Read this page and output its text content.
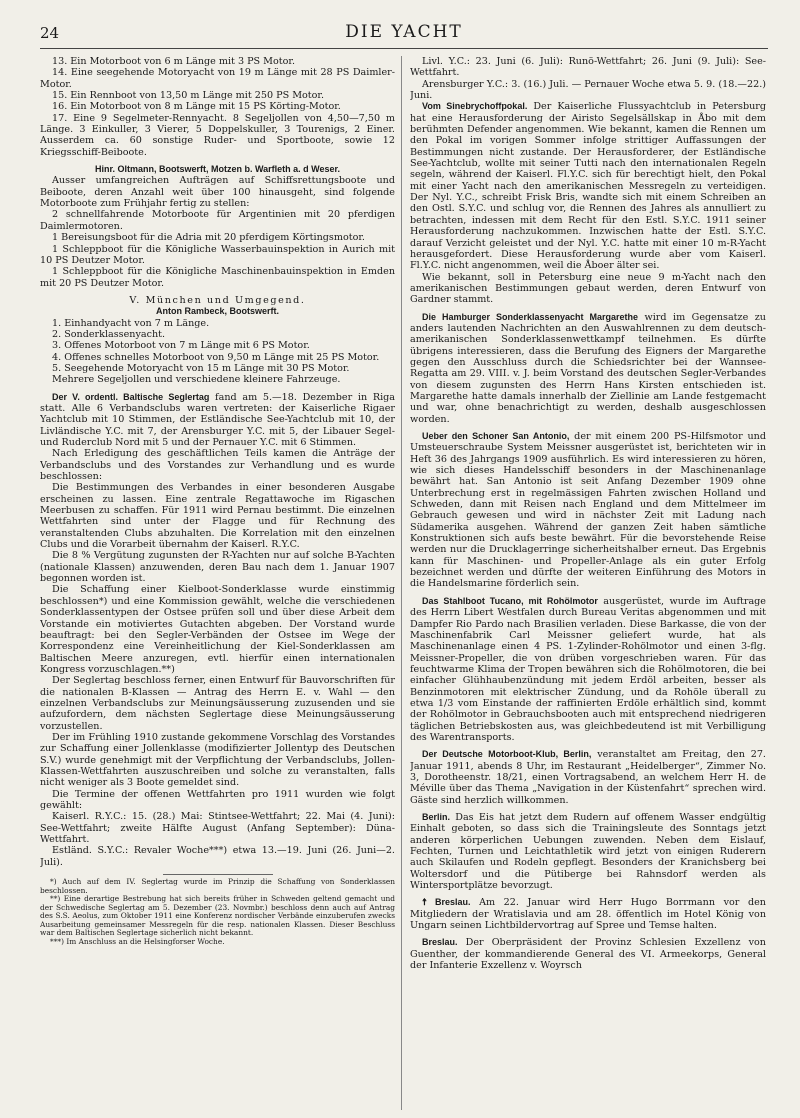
24	DIE YACHT

13. Ein Motorboot von 6 m Länge mit 3 PS Motor.

14. Eine seegehende Motoryacht von 19 m Länge mit 28 PS Daimler-Motor.

15. Ein Rennboot von 13,50 m Länge mit 250 PS Motor.

16. Ein Motorboot von 8 m Länge mit 15 PS Körting-Motor.

17. Eine 9 Segelmeter-Rennyacht. 8 Segeljollen von 4,50—7,50 m Länge. 3 Einkuller, 3 Vierer, 5 Doppelskuller, 3 Tourenigs, 2 Einer. Ausserdem ca. 60 sonstige Ruder- und Sportboote, sowie 12 Kriegsschiff-Beiboote.

Hinr. Oltmann, Bootswerft, Motzen b. Warfleth a. d Weser.

Ausser umfangreichen Aufträgen auf Schiffsrettungsboote und Beiboote, deren Anzahl weit über 100 hinausgeht, sind folgende Motorboote zum Frühjahr fertig zu stellen:

2 schnellfahrende Motorboote für Argentinien mit 20 pferdigen Daimlermotoren.

1 Bereisungsboot für die Adria mit 20 pferdigem Körtingsmotor.

1 Schleppboot für die Königliche Wasserbauinspektion in Aurich mit 10 PS Deutzer Motor.

1 Schleppboot für die Königliche Maschinenbauinspektion in Emden mit 20 PS Deutzer Motor.

V. München und Umgegend.

Anton Rambeck, Bootswerft.

1. Einhandyacht von 7 m Länge.

2. Sonderklassenyacht.

3. Offenes Motorboot von 7 m Länge mit 6 PS Motor.

4. Offenes schnelles Motorboot von 9,50 m Länge mit 25 PS Motor.

5. Seegehende Motoryacht von 15 m Länge mit 30 PS Motor.

Mehrere Segeljollen und verschiedene kleinere Fahrzeuge.

Der V. ordentl. Baltische Seglertag fand am 5.—18. Dezember in Riga statt. Alle 6 Verbandsclubs waren vertreten: der Kaiserliche Rigaer Yachtclub mit 10 Stimmen, der Estländische See-Yachtclub mit 10, der Livländische Y.C. mit 7, der Arensburger Y.C. mit 5, der Libauer Segel- und Ruderclub Nord mit 5 und der Pernauer Y.C. mit 6 Stimmen.

Nach Erledigung des geschäftlichen Teils kamen die Anträge der Verbandsclubs und des Vorstandes zur Verhandlung und es wurde beschlossen:

Die Bestimmungen des Verbandes in einer besonderen Ausgabe erscheinen zu lassen. Eine zentrale Regattawoche im Rigaschen Meerbusen zu schaffen. Für 1911 wird Pernau bestimmt. Die einzelnen Wettfahrten sind unter der Flagge und für Rechnung des veranstaltenden Clubs abzuhalten. Die Korrelation mit den einzelnen Clubs und die Vorarbeit übernahm der Kaiserl. R.Y.C.

Die 8 % Vergütung zugunsten der R-Yachten nur auf solche B-Yachten (nationale Klassen) anzuwenden, deren Bau nach dem 1. Januar 1907 begonnen worden ist.

Die Schaffung einer Kielboot-Sonderklasse wurde einstimmig beschlossen*) und eine Kommission gewählt, welche die verschiedenen Sonderklassentypen der Ostsee prüfen soll und über diese Arbeit dem Vorstande ein motiviertes Gutachten abgeben. Der Vorstand wurde beauftragt: bei den Segler-Verbänden der Ostsee im Wege der Korrespondenz eine Vereinheitlichung der Kiel-Sonderklassen am Baltischen Meere anzuregen, evtl. hierfür einen internationalen Kongress vorzuschlagen.**)

Der Seglertag beschloss ferner, einen Entwurf für Bauvorschriften für die nationalen B-Klassen — Antrag des Herrn E. v. Wahl — den einzelnen Verbandsclubs zur Meinungsäusserung zuzusenden und sie aufzufordern, dem nächsten Seglertage diese Meinungsäusserung vorzustellen.

Der im Frühling 1910 zustande gekommene Vorschlag des Vorstandes zur Schaffung einer Jollenklasse (modifizierter Jollentyp des Deutschen S.V.) wurde genehmigt mit der Verpflichtung der Verbandsclubs, Jollen-Klassen-Wettfahrten auszuschreiben und solche zu veranstalten, falls nicht weniger als 3 Boote gemeldet sind.

Die Termine der offenen Wettfahrten pro 1911 wurden wie folgt gewählt:

Kaiserl. R.Y.C.: 15. (28.) Mai: Stintsee-Wettfahrt; 22. Mai (4. Juni): See-Wettfahrt; zweite Hälfte August (Anfang September): Düna-Wettfahrt.

Estländ. S.Y.C.: Revaler Woche***) etwa 13.—19. Juni (26. Juni—2. Juli).

*) Auch auf dem IV. Seglertag wurde im Prinzip die Schaffung von Sonderklassen beschlossen.

**) Eine derartige Bestrebung hat sich bereits früher in Schweden geltend gemacht und der Schwedische Seglertag am 5. Dezember (23. Novmbr.) beschloss denn auch auf Antrag des S.S. Aeolus, zum Oktober 1911 eine Konferenz nordischer Verbände einzuberufen zwecks Ausarbeitung gemeinsamer Messregeln für die resp. nationalen Klassen. Dieser Beschluss war dem Baltischen Seglertage sicherlich nicht bekannt.

***) Im Anschluss an die Helsingforser Woche.

Livl. Y.C.: 23. Juni (6. Juli): Runö-Wettfahrt; 26. Juni (9. Juli): See-Wettfahrt.

Arensburger Y.C.: 3. (16.) Juli. — Pernauer Woche etwa 5. 9. (18.—22.) Juni.

Vom Sinebrychoffpokal. Der Kaiserliche Flussyachtclub in Petersburg hat eine Herausforderung der Airisto Segelsällskap in Åbo mit dem berühmten Defender angenommen. Wie bekannt, kamen die Rennen um den Pokal im vorigen Sommer infolge strittiger Auffassungen der Bestimmungen nicht zustande. Der Herausforderer, der Estländische See-Yachtclub, wollte mit seiner Tutti nach den internationalen Regeln segeln, während der Kaiserl. Fl.Y.C. sich für berechtigt hielt, den Pokal mit einer Yacht nach den amerikanischen Messregeln zu verteidigen. Der Nyl. Y.C., schreibt Frisk Bris, wandte sich mit einem Schreiben an den Ostl. S.Y.C. und schlug vor, die Rennen des Jahres als annulliert zu betrachten, indessen mit dem Recht für den Estl. S.Y.C. 1911 seiner Herausforderung nachzukommen. Inzwischen hatte der Estl. S.Y.C. darauf Verzicht geleistet und der Nyl. Y.C. hatte mit einer 10 m-R-Yacht herausgefordert. Diese Herausforderung wurde aber vom Kaiserl. Fl.Y.C. nicht angenommen, weil die Åboer älter sei.

Wie bekannt, soll in Petersburg eine neue 9 m-Yacht nach den amerikanischen Bestimmungen gebaut werden, deren Entwurf von Gardner stammt.

Die Hamburger Sonderklassenyacht Margarethe wird im Gegensatze zu anders lautenden Nachrichten an den Auswahlrennen zu dem deutsch-amerikanischen Sonderklassenwettkampf teilnehmen. Es dürfte übrigens interessieren, dass die Berufung des Eigners der Margarethe gegen den Ausschluss durch die Schiedsrichter bei der Wannsee-Regatta am 29. VIII. v. J. beim Vorstand des deutschen Segler-Verbandes von diesem zugunsten des Herrn Hans Kirsten entschieden ist. Margarethe hatte damals innerhalb der Ziellinie am Lande festgemacht und war, ohne benachrichtigt zu werden, deshalb ausgeschlossen worden.

Ueber den Schoner San Antonio, der mit einem 200 PS-Hilfsmotor und Umsteuerschraube System Meissner ausgerüstet ist, berichteten wir in Heft 36 des Jahrgangs 1909 ausführlich. Es wird interessieren zu hören, wie sich dieses Handelsschiff besonders in der Maschinenanlage bewährt hat. San Antonio ist seit Anfang Dezember 1909 ohne Unterbrechung erst in regelmässigen Fahrten zwischen Holland und Schweden, dann mit Reisen nach England und dem Mittelmeer im Gebrauch gewesen und wird in nächster Zeit mit Ladung nach Südamerika ausgehen. Während der ganzen Zeit haben sämtliche Konstruktionen sich aufs beste bewährt. Für die bevorstehende Reise werden nur die Drucklagerringe sicherheitshalber erneut. Das Ergebnis kann für Maschinen- und Propeller-Anlage als ein guter Erfolg bezeichnet werden und dürfte der weiteren Einführung des Motors in die Handelsmarine förderlich sein.

Das Stahlboot Tucano, mit Rohölmotor ausgerüstet, wurde im Auftrage des Herrn Libert Westfalen durch Bureau Veritas abgenommen und mit Dampfer Rio Pardo nach Brasilien verladen. Diese Barkasse, die von der Maschinenfabrik Carl Meissner geliefert wurde, hat als Maschinenanlage einen 4 PS. 1-Zylinder-Rohölmotor und einen 3-flg. Meissner-Propeller, die von drüben vorgeschrieben waren. Für das feuchtwarme Klima der Tropen bewähren sich die Rohölmotoren, die bei einfacher Glühhaubenzündung mit jedem Erdöl arbeiten, besser als Benzinmotoren mit elektrischer Zündung, und da Rohöle überall zu etwa 1/3 vom Einstande der raffinierten Erdöle erhältlich sind, kommt der Rohölmotor in Gebrauchsbooten auch mit entsprechend niedrigeren täglichen Betriebskosten aus, was gleichbedeutend ist mit Verbilligung des Warentransports.

Der Deutsche Motorboot-Klub, Berlin, veranstaltet am Freitag, den 27. Januar 1911, abends 8 Uhr, im Restaurant „Heidelberger“, Zimmer No. 3, Dorotheenstr. 18/21, einen Vortragsabend, an welchem Herr H. de Méville über das Thema „Navigation in der Küstenfahrt“ sprechen wird. Gäste sind herzlich willkommen.

Berlin. Das Eis hat jetzt dem Rudern auf offenem Wasser endgültig Einhalt geboten, so dass sich die Trainingsleute des Sonntags jetzt anderen körperlichen Uebungen zuwenden. Neben dem Eislauf, Fechten, Turnen und Leichtathletik wird jetzt von einigen Ruderern auch Skilaufen und Rodeln gepflegt. Besonders der Kranichsberg bei Woltersdorf und die Pütiberge bei Rahnsdorf werden als Wintersportplätze bevorzugt.

☨ Breslau. Am 22. Januar wird Herr Hugo Borrmann vor den Mitgliedern der Wratislavia und am 28. öffentlich im Hotel König von Ungarn seinen Lichtbildervortrag auf Spree und Temse halten.

Breslau. Der Oberpräsident der Provinz Schlesien Exzellenz von Guenther, der kommandierende General des VI. Armeekorps, General der Infanterie Exzellenz v. Woyrsch
